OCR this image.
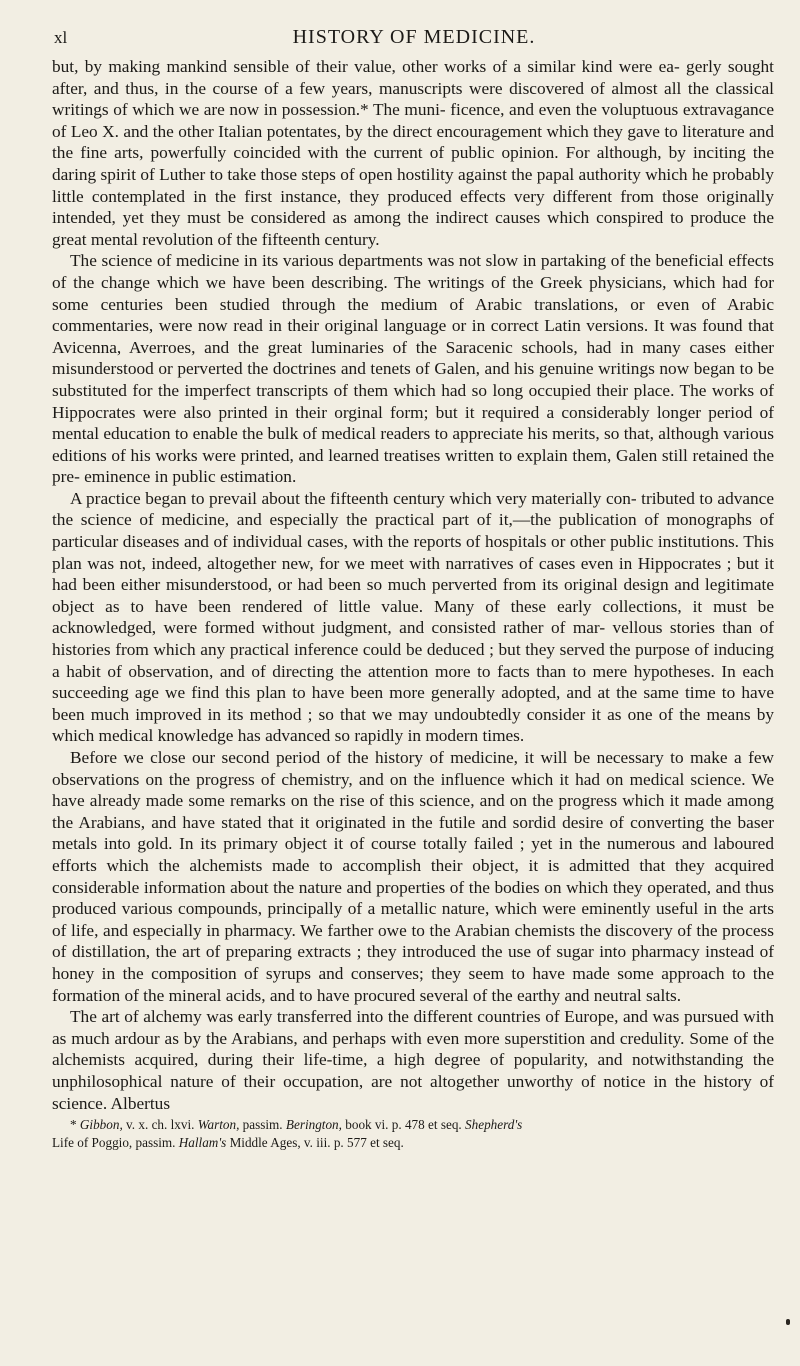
xl	HISTORY OF MEDICINE.

but, by making mankind sensible of their value, other works of a similar kind were ea- gerly sought after, and thus, in the course of a few years, manuscripts were discovered of almost all the classical writings of which we are now in possession.* The muni- ficence, and even the voluptuous extravagance of Leo X. and the other Italian potentates, by the direct encouragement which they gave to literature and the fine arts, powerfully coincided with the current of public opinion. For although, by inciting the daring spirit of Luther to take those steps of open hostility against the papal authority which he probably little contemplated in the first instance, they produced effects very different from those originally intended, yet they must be considered as among the indirect causes which conspired to produce the great mental revolution of the fifteenth century.

The science of medicine in its various departments was not slow in partaking of the beneficial effects of the change which we have been describing. The writings of the Greek physicians, which had for some centuries been studied through the medium of Arabic translations, or even of Arabic commentaries, were now read in their original language or in correct Latin versions. It was found that Avicenna, Averroes, and the great luminaries of the Saracenic schools, had in many cases either misunderstood or perverted the doctrines and tenets of Galen, and his genuine writings now began to be substituted for the imperfect transcripts of them which had so long occupied their place. The works of Hippocrates were also printed in their orginal form; but it required a considerably longer period of mental education to enable the bulk of medical readers to appreciate his merits, so that, although various editions of his works were printed, and learned treatises written to explain them, Galen still retained the pre- eminence in public estimation.

A practice began to prevail about the fifteenth century which very materially con- tributed to advance the science of medicine, and especially the practical part of it,—the publication of monographs of particular diseases and of individual cases, with the reports of hospitals or other public institutions. This plan was not, indeed, altogether new, for we meet with narratives of cases even in Hippocrates ; but it had been either misunderstood, or had been so much perverted from its original design and legitimate object as to have been rendered of little value. Many of these early collections, it must be acknowledged, were formed without judgment, and consisted rather of mar- vellous stories than of histories from which any practical inference could be deduced ; but they served the purpose of inducing a habit of observation, and of directing the attention more to facts than to mere hypotheses. In each succeeding age we find this plan to have been more generally adopted, and at the same time to have been much improved in its method ; so that we may undoubtedly consider it as one of the means by which medical knowledge has advanced so rapidly in modern times.

Before we close our second period of the history of medicine, it will be necessary to make a few observations on the progress of chemistry, and on the influence which it had on medical science. We have already made some remarks on the rise of this science, and on the progress which it made among the Arabians, and have stated that it originated in the futile and sordid desire of converting the baser metals into gold. In its primary object it of course totally failed ; yet in the numerous and laboured efforts which the alchemists made to accomplish their object, it is admitted that they acquired considerable information about the nature and properties of the bodies on which they operated, and thus produced various compounds, principally of a metallic nature, which were eminently useful in the arts of life, and especially in pharmacy. We farther owe to the Arabian chemists the discovery of the process of distillation, the art of preparing extracts ; they introduced the use of sugar into pharmacy instead of honey in the composition of syrups and conserves; they seem to have made some approach to the formation of the mineral acids, and to have procured several of the earthy and neutral salts.

The art of alchemy was early transferred into the different countries of Europe, and was pursued with as much ardour as by the Arabians, and perhaps with even more superstition and credulity. Some of the alchemists acquired, during their life-time, a high degree of popularity, and notwithstanding the unphilosophical nature of their occupation, are not altogether unworthy of notice in the history of science. Albertus

* Gibbon, v. x. ch. lxvi. Warton, passim. Berington, book vi. p. 478 et seq. Shepherd's
Life of Poggio, passim. Hallam's Middle Ages, v. iii. p. 577 et seq.
